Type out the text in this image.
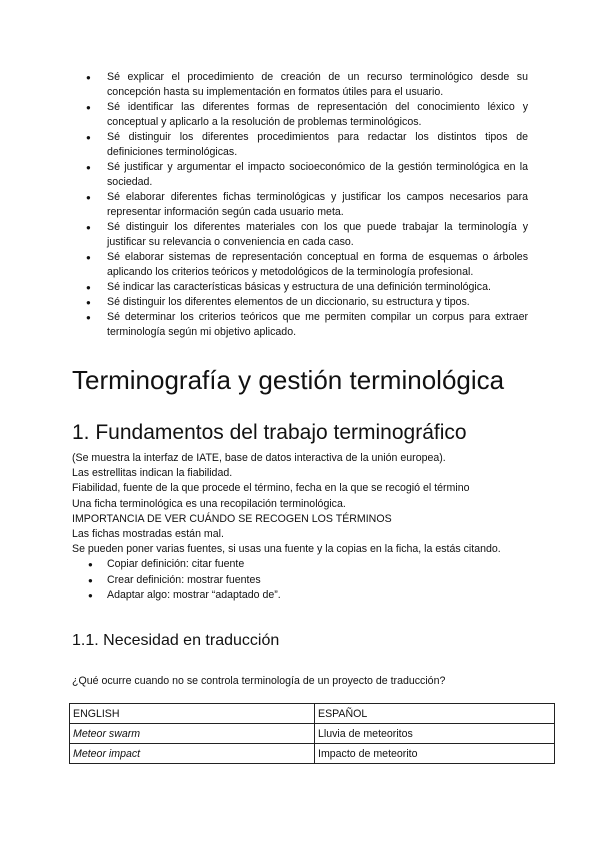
● Sé explicar el procedimiento de creación de un recurso terminológico desde su concepción hasta su implementación en formatos útiles para el usuario.
● Sé identificar las diferentes formas de representación del conocimiento léxico y conceptual y aplicarlo a la resolución de problemas terminológicos.
● Sé distinguir los diferentes procedimientos para redactar los distintos tipos de definiciones terminológicas.
● Sé justificar y argumentar el impacto socioeconómico de la gestión terminológica en la sociedad.
● Sé elaborar diferentes fichas terminológicas y justificar los campos necesarios para representar información según cada usuario meta.
● Sé distinguir los diferentes materiales con los que puede trabajar la terminología y justificar su relevancia o conveniencia en cada caso.
● Sé elaborar sistemas de representación conceptual en forma de esquemas o árboles aplicando los criterios teóricos y metodológicos de la terminología profesional.
● Sé indicar las características básicas y estructura de una definición terminológica.
● Sé distinguir los diferentes elementos de un diccionario, su estructura y tipos.
● Sé determinar los criterios teóricos que me permiten compilar un corpus para extraer terminología según mi objetivo aplicado.
Terminografía y gestión terminológica
1. Fundamentos del trabajo terminográfico

(Se muestra la interfaz de IATE, base de datos interactiva de la unión europea).

Las estrellitas indican la fiabilidad.

Fiabilidad, fuente de la que procede el término, fecha en la que se recogió el término

Una ficha terminológica es una recopilación terminológica.

IMPORTANCIA DE VER CUÁNDO SE RECOGEN LOS TÉRMINOS

Las fichas mostradas están mal.

Se pueden poner varias fuentes, si usas una fuente y la copias en la ficha, la estás citando.

● Copiar definición: citar fuente
● Crear definición: mostrar fuentes
● Adaptar algo: mostrar “adaptado de”.
1.1. Necesidad en traducción
¿Qué ocurre cuando no se controla terminología de un proyecto de traducción?
ENGLISH	ESPAÑOL
Meteor swarm	Lluvia de meteoritos
Meteor impact	Impacto de meteorito
